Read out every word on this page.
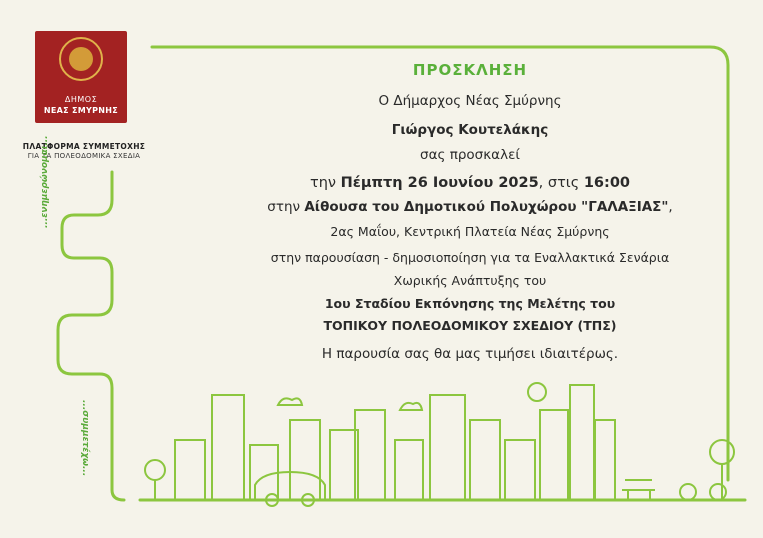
ΔΗΜΟΣ
ΝΕΑΣ ΣΜΥΡΝΗΣ
ΠΛΑΤΦΟΡΜΑ ΣΥΜΜΕΤΟΧΗΣ
ΓΙΑ ΤΑ ΠΟΛΕΟΔΟΜΙΚΑ ΣΧΕΔΙΑ
...ενημερώνομαι...
...συμμετέχω...
ΠΡΟΣΚΛΗΣΗ
Ο Δήμαρχος Νέας Σμύρνης
Γιώργος Κουτελάκης
σας προσκαλεί
την Πέμπτη 26 Ιουνίου 2025, στις 16:00
στην Αίθουσα του Δημοτικού Πολυχώρου "ΓΑΛΑΞΙΑΣ",
2ας Μαΐου, Κεντρική Πλατεία Νέας Σμύρνης
στην παρουσίαση - δημοσιοποίηση για τα Εναλλακτικά Σενάρια
Χωρικής Ανάπτυξης του
1ου Σταδίου Εκπόνησης της Μελέτης του
ΤΟΠΙΚΟΥ ΠΟΛΕΟΔΟΜΙΚΟΥ ΣΧΕΔΙΟΥ (ΤΠΣ)
Η παρουσία σας θα μας τιμήσει ιδιαιτέρως.
